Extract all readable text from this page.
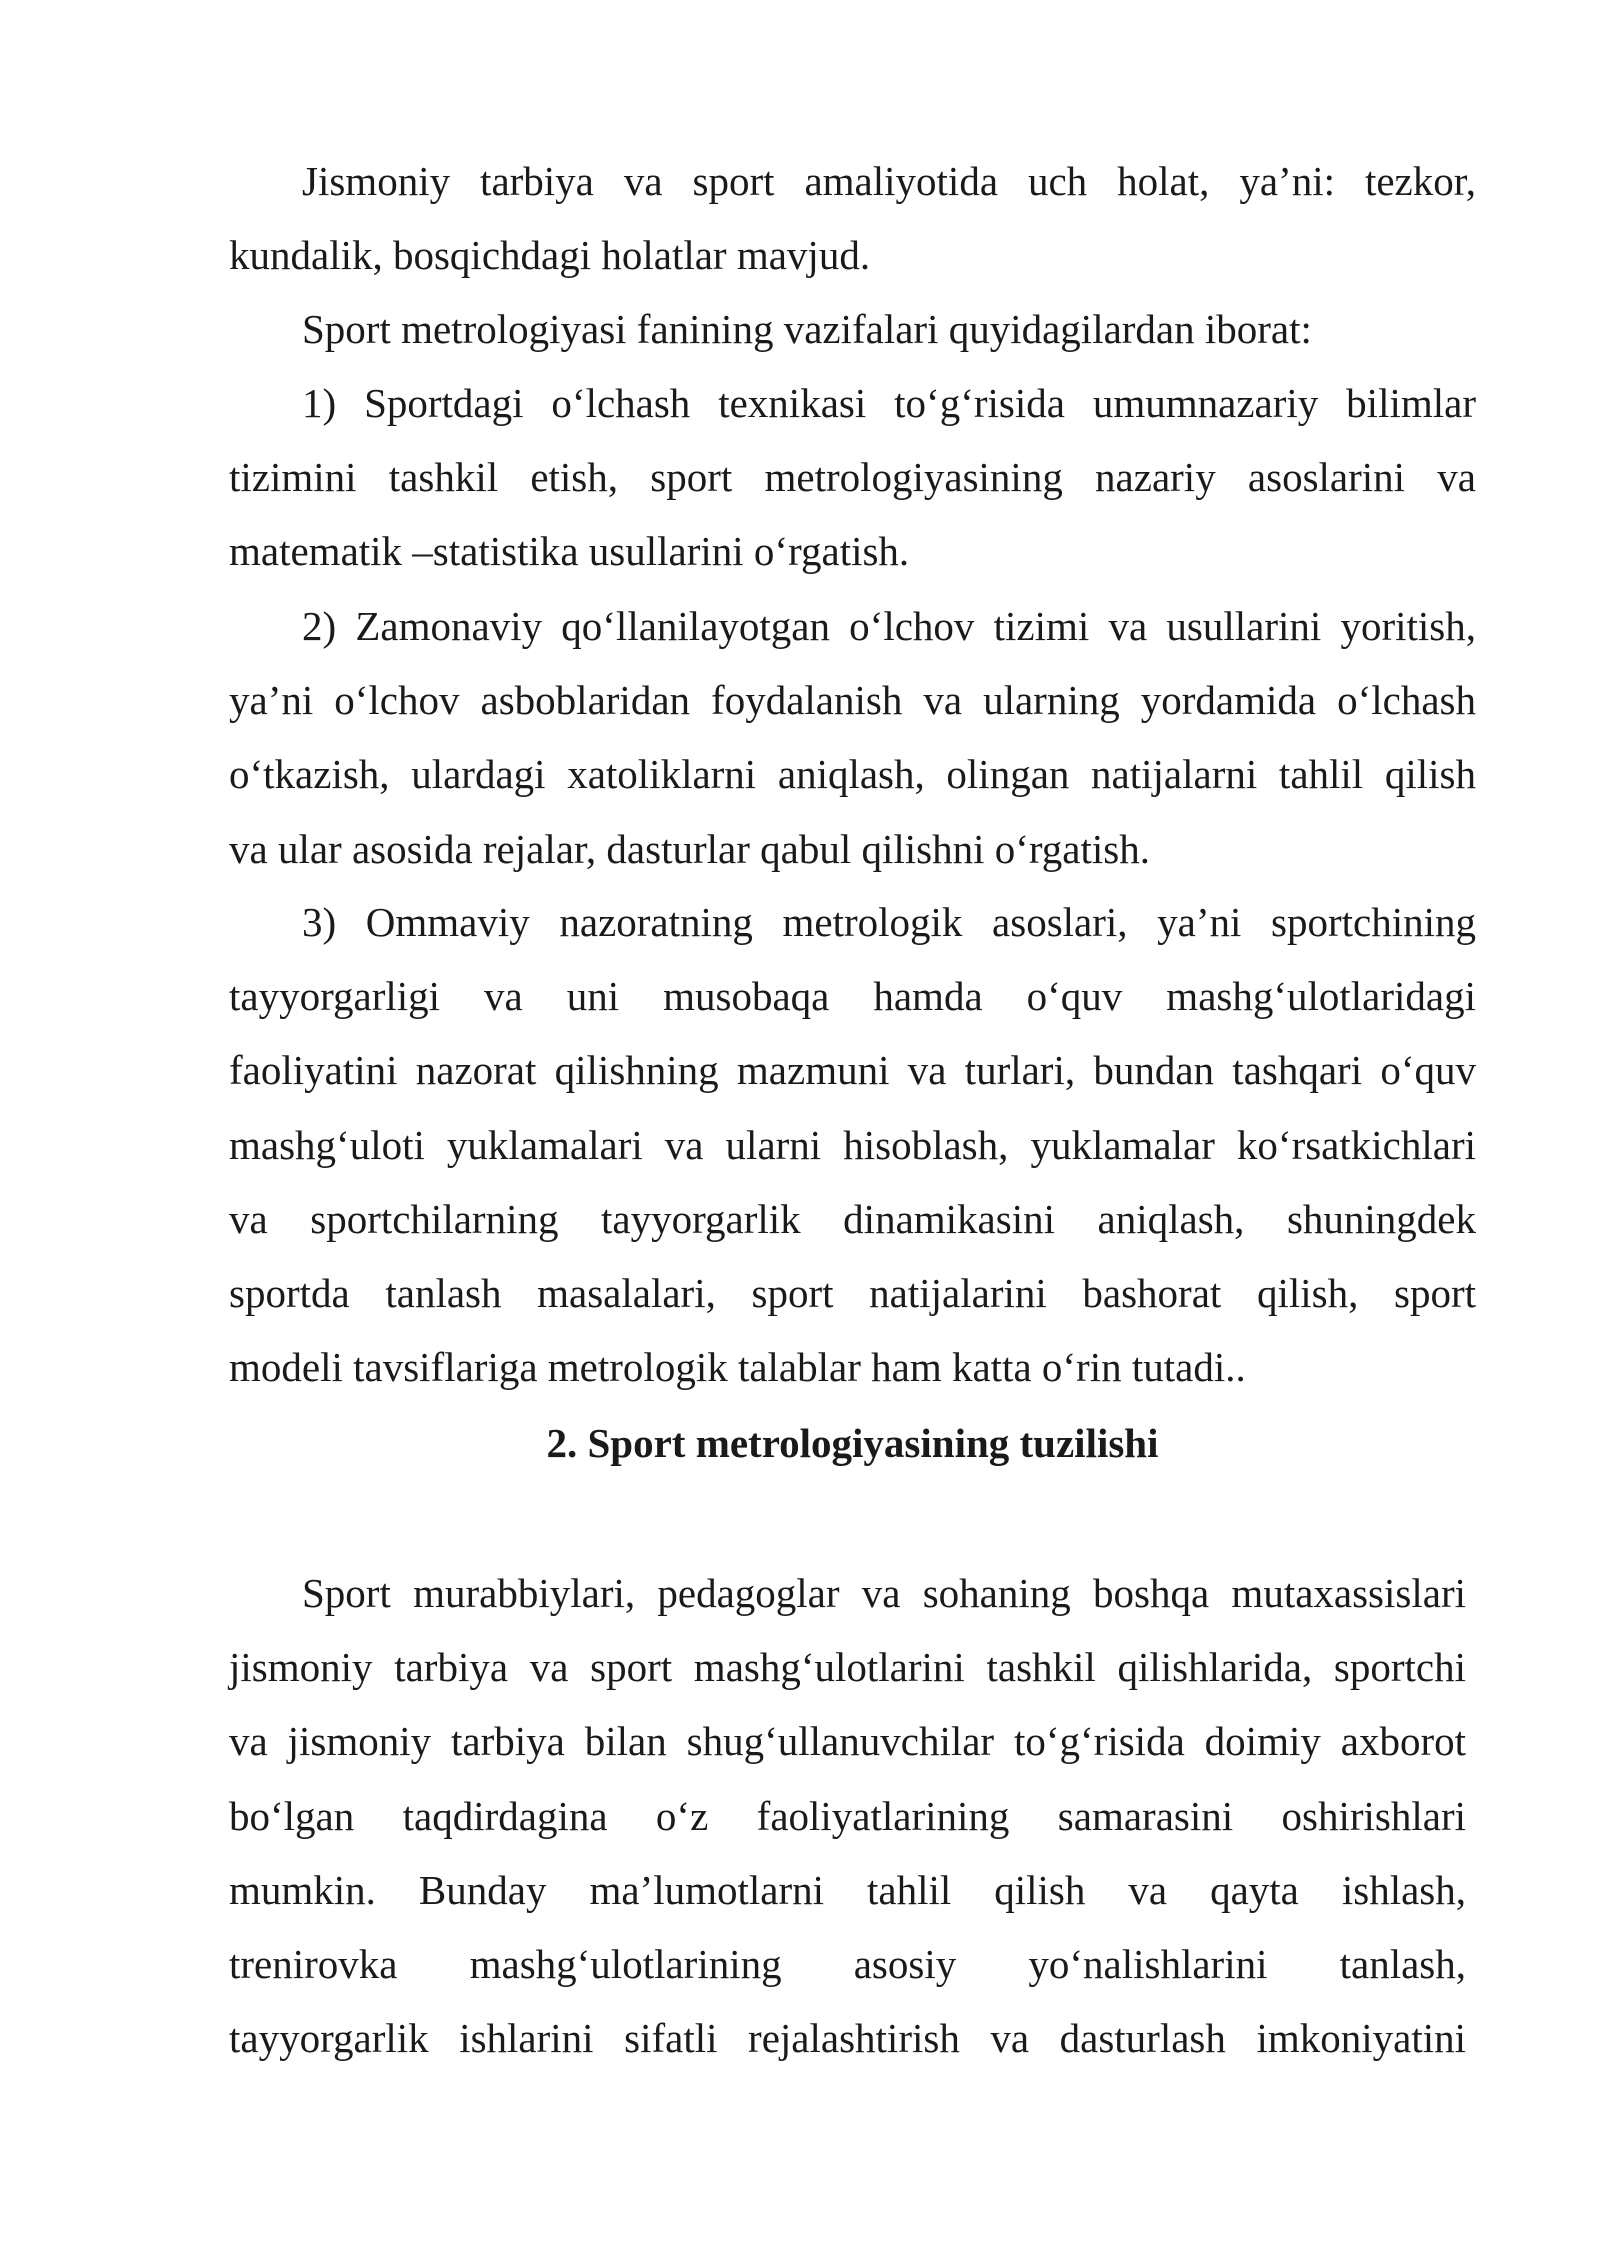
Jismoniy tarbiya va sport amaliyotida uch holat, ya’ni: tezkor,
kundalik, bosqichdagi holatlar mavjud.
Sport metrologiyasi fanining vazifalari quyidagilardan iborat:
1) Sportdagi o‘lchash texnikasi to‘g‘risida umumnazariy bilimlar
tizimini tashkil etish, sport metrologiyasining nazariy asoslarini va
matematik –statistika usullarini o‘rgatish.
2) Zamonaviy qo‘llanilayotgan o‘lchov tizimi va usullarini yoritish,
ya’ni o‘lchov asboblaridan foydalanish va ularning yordamida o‘lchash
o‘tkazish, ulardagi xatoliklarni aniqlash, olingan natijalarni tahlil qilish
va ular asosida rejalar, dasturlar qabul qilishni o‘rgatish.
3) Ommaviy nazoratning metrologik asoslari, ya’ni sportchining
tayyorgarligi va uni musobaqa hamda o‘quv mashg‘ulotlaridagi
faoliyatini nazorat qilishning mazmuni va turlari, bundan tashqari o‘quv
mashg‘uloti yuklamalari va ularni hisoblash, yuklamalar ko‘rsatkichlari
va sportchilarning tayyorgarlik dinamikasini aniqlash, shuningdek
sportda tanlash masalalari, sport natijalarini bashorat qilish, sport
modeli tavsiflariga metrologik talablar ham katta o‘rin tutadi..
2. Sport metrologiyasining tuzilishi
Sport murabbiylari, pedagoglar va sohaning boshqa mutaxassislari
jismoniy tarbiya va sport mashg‘ulotlarini tashkil qilishlarida, sportchi
va jismoniy tarbiya bilan shug‘ullanuvchilar to‘g‘risida doimiy axborot
bo‘lgan taqdirdagina o‘z faoliyatlarining samarasini oshirishlari
mumkin. Bunday ma’lumotlarni tahlil qilish va qayta ishlash,
trenirovka mashg‘ulotlarining asosiy yo‘nalishlarini tanlash,
tayyorgarlik ishlarini sifatli rejalashtirish va dasturlash imkoniyatini
